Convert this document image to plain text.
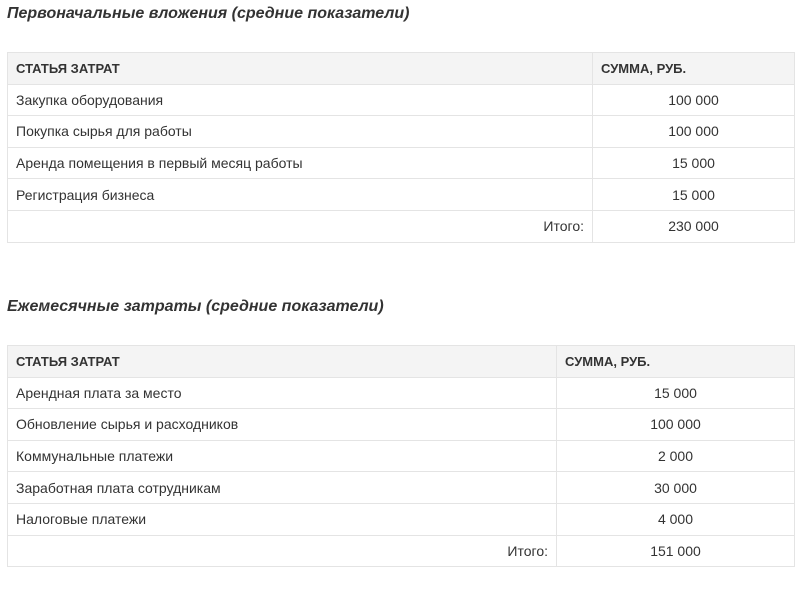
Первоначальные вложения (средние показатели)
СТАТЬЯ ЗАТРАТ	СУММА, РУБ.
Закупка оборудования	100 000
Покупка сырья для работы	100 000
Аренда помещения в первый месяц работы	15 000
Регистрация бизнеса	15 000
Итого:	230 000
Ежемесячные затраты (средние показатели)
СТАТЬЯ ЗАТРАТ	СУММА, РУБ.
Арендная плата за место	15 000
Обновление сырья и расходников	100 000
Коммунальные платежи	2 000
Заработная плата сотрудникам	30 000
Налоговые платежи	4 000
Итого:	151 000
